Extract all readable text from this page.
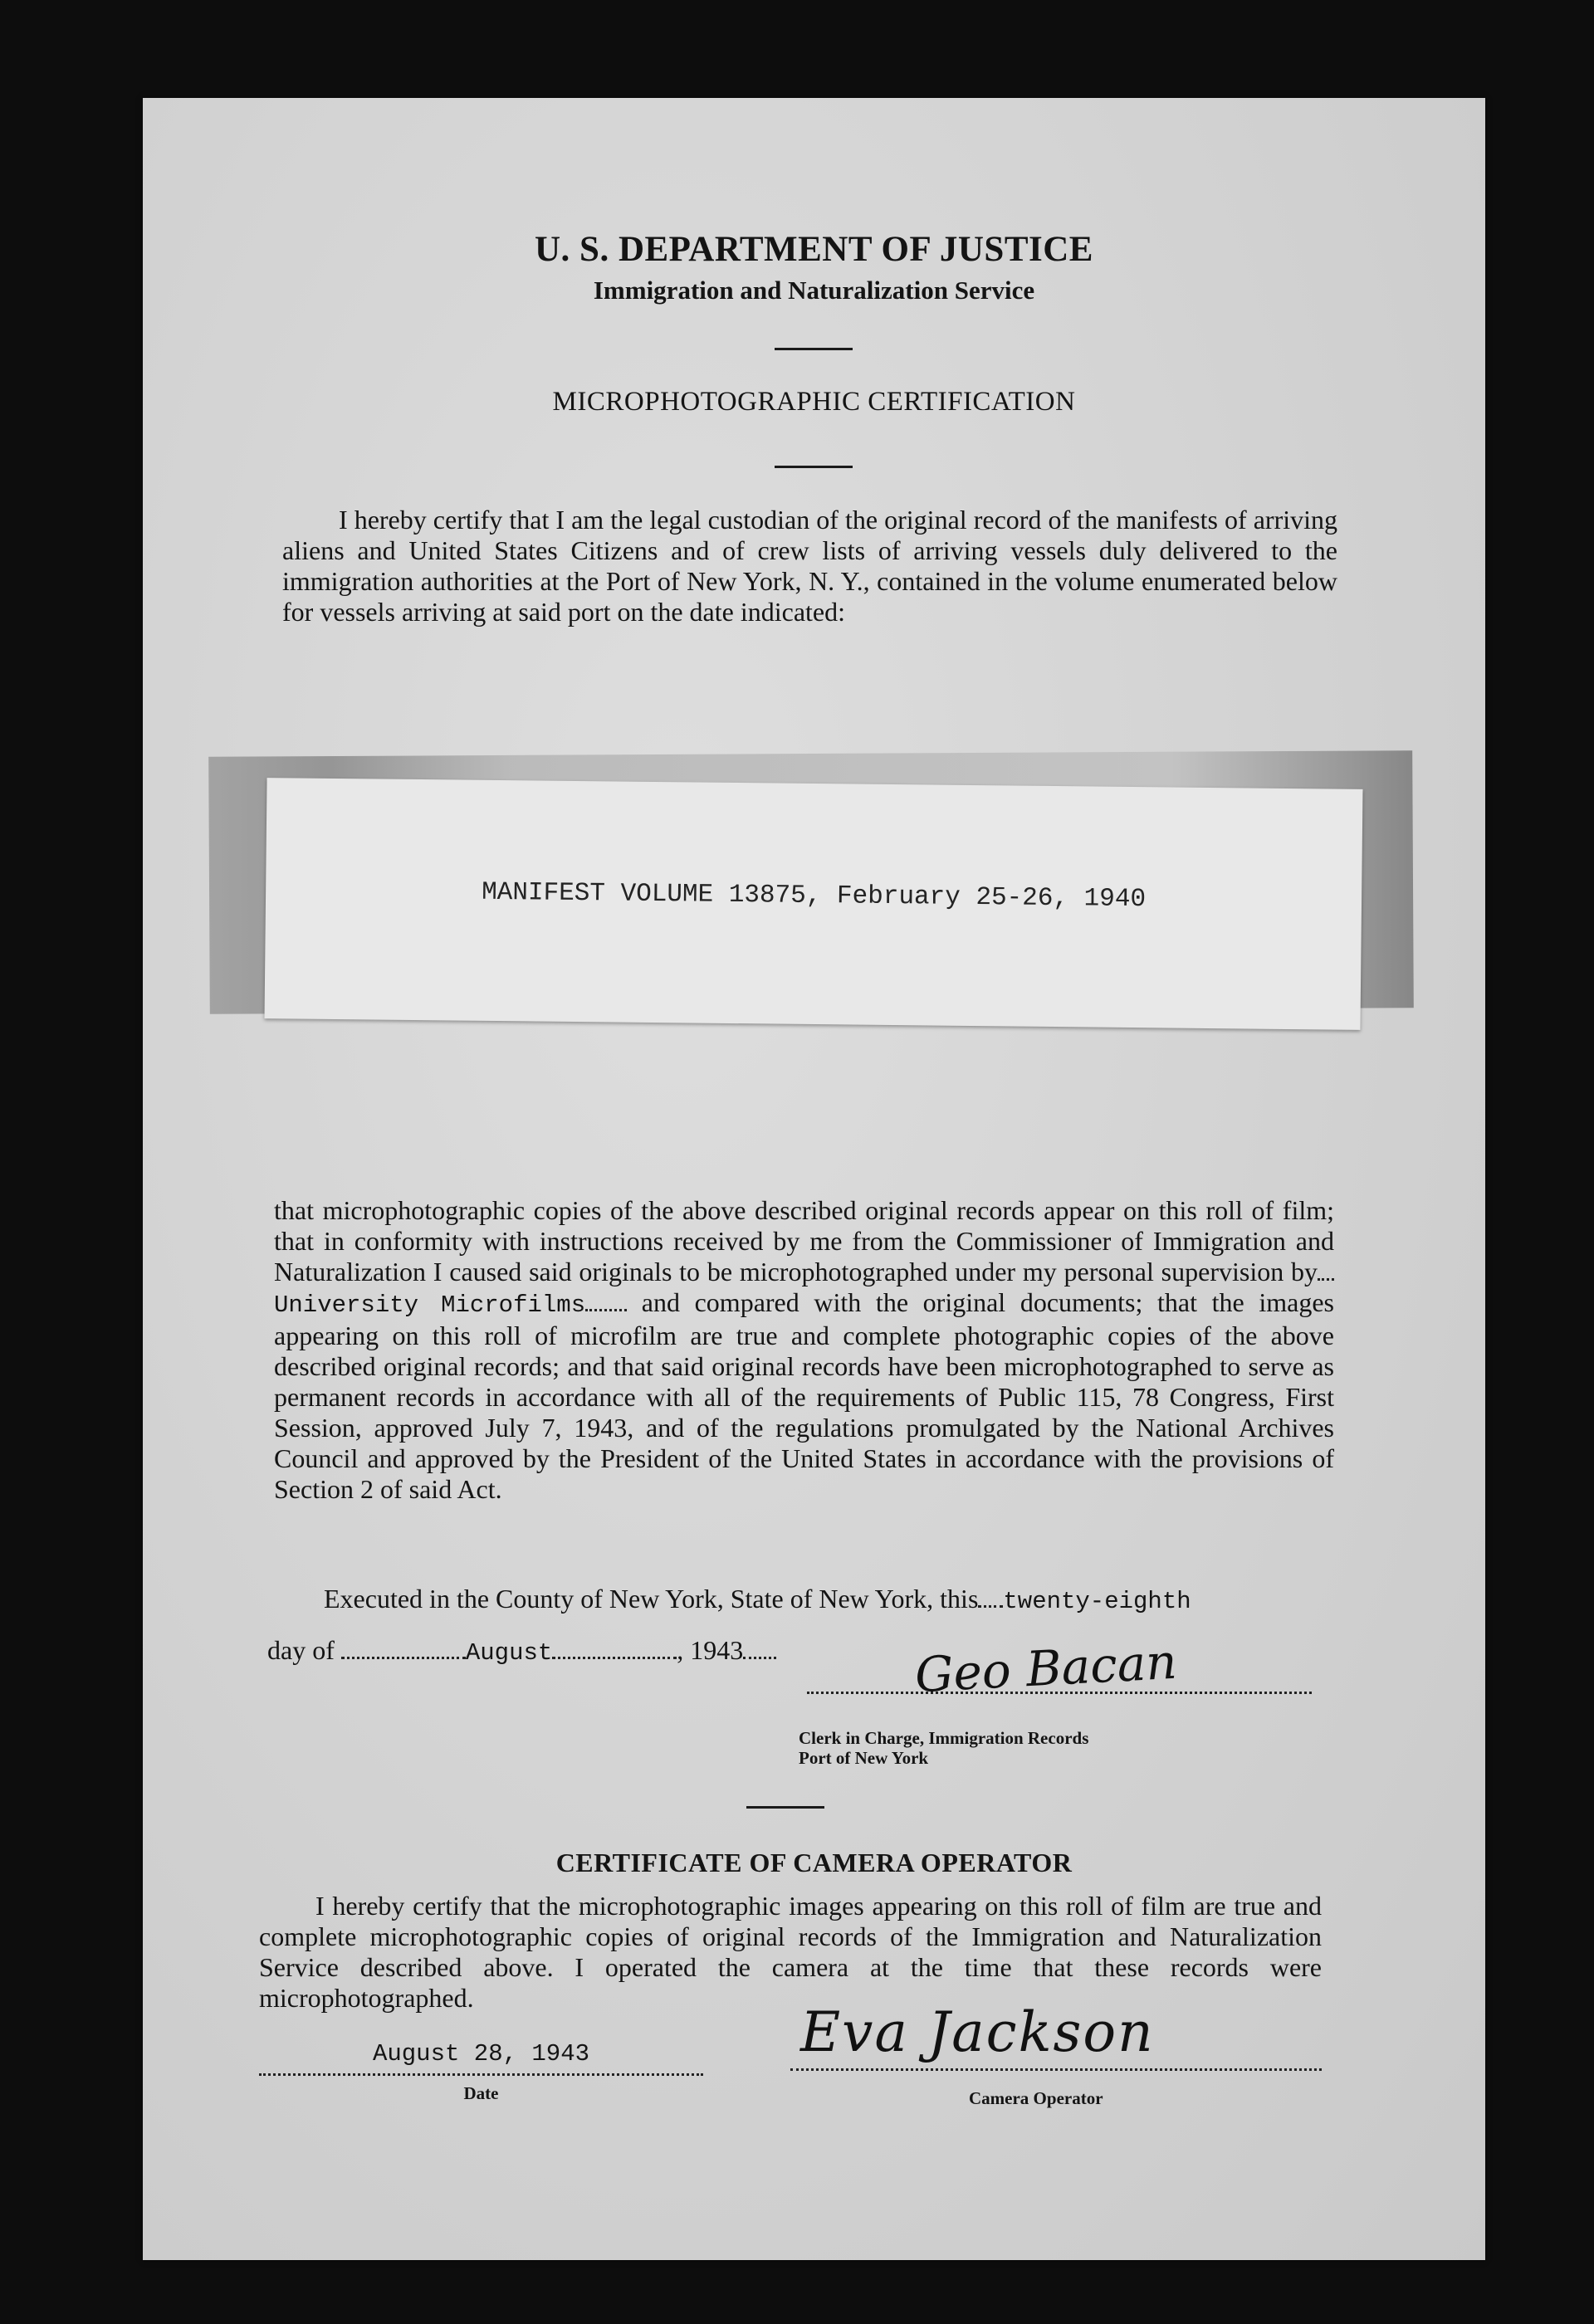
U. S. DEPARTMENT OF JUSTICE
Immigration and Naturalization Service
MICROPHOTOGRAPHIC CERTIFICATION
I hereby certify that I am the legal custodian of the original record of the manifests of arriving aliens and United States Citizens and of crew lists of arriving vessels duly delivered to the immigration authorities at the Port of New York, N. Y., contained in the volume enumerated below for vessels arriving at said port on the date indicated:
MANIFEST VOLUME 13875, February 25-26, 1940
that microphotographic copies of the above described original records appear on this roll of film; that in conformity with instructions received by me from the Commissioner of Immigration and Naturalization I caused said originals to be microphotographed under my personal supervision byUniversity Microfilms and compared with the original documents; that the images appearing on this roll of microfilm are true and complete photographic copies of the above described original records; and that said original records have been microphotographed to serve as permanent records in accordance with all of the requirements of Public 115, 78 Congress, First Session, approved July 7, 1943, and of the regulations promulgated by the National Archives Council and approved by the President of the United States in accordance with the provisions of Section 2 of said Act.
Executed in the County of New York, State of New York, this twenty-eighth
day of	August	, 1943	Geo Bacan
Clerk in Charge, Immigration Records
Port of New York
CERTIFICATE OF CAMERA OPERATOR
I hereby certify that the microphotographic images appearing on this roll of film are true and complete microphotographic copies of original records of the Immigration and Naturalization Service described above. I operated the camera at the time that these records were microphotographed.
August 28, 1943
Date
Eva Jackson
Camera Operator
